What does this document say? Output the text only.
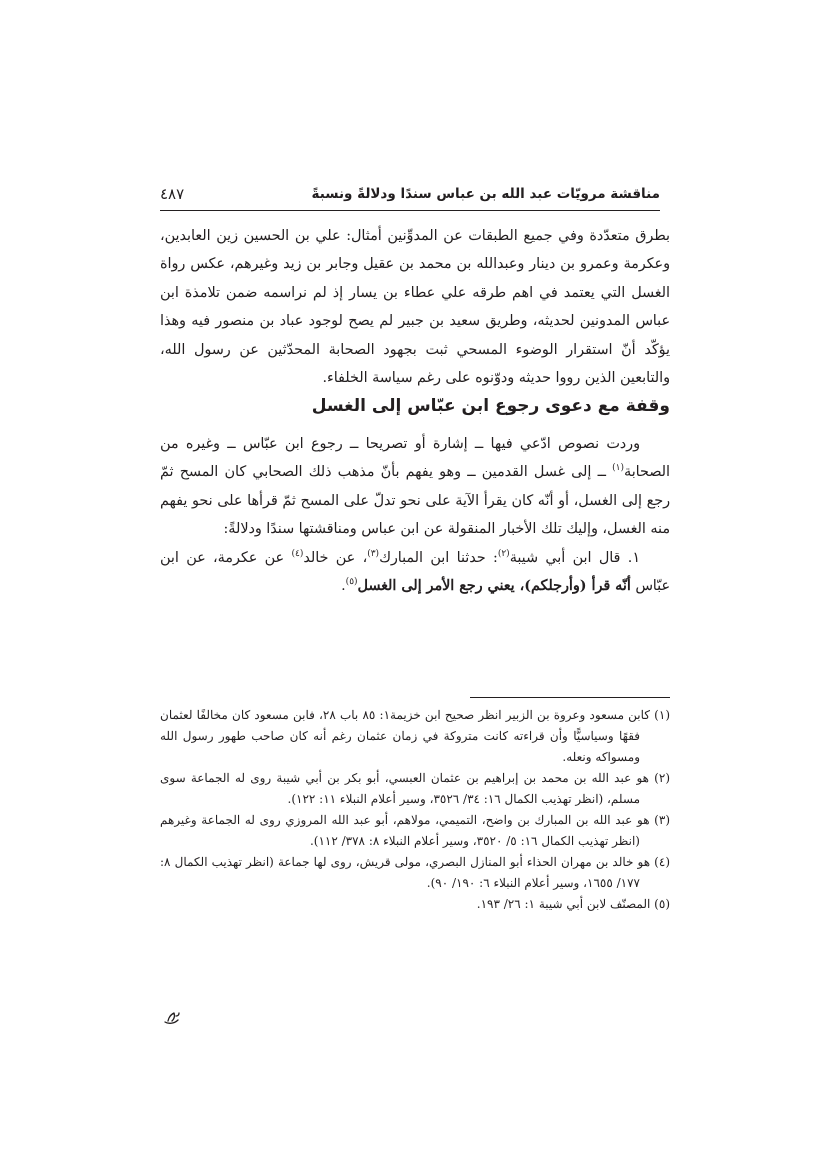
مناقشة مرويّات عبد الله بن عباس سندًا ودلالةً ونسبةً
٤٨٧

بطرق متعدّدة وفي جميع الطبقات عن المدوِّنين أمثال: علي بن الحسين زين العابدين، وعكرمة وعمرو بن دينار وعبدالله بن محمد بن عقيل وجابر بن زيد وغيرهم، عكس رواة الغسل التي يعتمد في اهم طرقه علي عطاء بن يسار إذ لم نراسمه ضمن تلامذة ابن عباس المدونين لحديثه، وطريق سعيد بن جبير لم يصح لوجود عباد بن منصور فيه وهذا يؤكّد أنّ استقرار الوضوء المسحي ثبت بجهود الصحابة المحدّثين عن رسول الله، والتابعين الذين رووا حديثه ودوّنوه على رغم سياسة الخلفاء.

وقفة مع دعوى رجوع ابن عبّاس إلى الغسل

وردت نصوص ادّعي فيها ــ إشارة أو تصريحا ــ رجوع ابن عبّاس ــ وغيره من الصحابة$^{(١)}$ ــ إلى غسل القدمين ــ وهو يفهم بأنّ مذهب ذلك الصحابي كان المسح ثمّ رجع إلى الغسل، أو أنّه كان يقرأ الآية على نحو تدلّ على المسح ثمّ قرأها على نحو يفهم منه الغسل، وإليك تلك الأخبار المنقولة عن ابن عباس ومناقشتها سندًا ودلالةً:

١. قال ابن أبي شيبة$^{(٢)}$: حدثنا ابن المبارك$^{(٣)}$، عن خالد$^{(٤)}$ عن عكرمة، عن ابن عبّاس أنّه قرأ (وأرجلكم)، يعني رجع الأمر إلى الغسل$^{(٥)}$.

(١) كابن مسعود وعروة بن الزبير انظر صحيح ابن خزيمة١: ٨٥ باب ٢٨، فابن مسعود كان مخالفًا لعثمان فقهًا وسياسيًّا وأن قراءته كانت متروكة في زمان عثمان رغم أنه كان صاحب طهور رسول الله ومسواكه ونعله.

(٢) هو عبد الله بن محمد بن إبراهيم بن عثمان العبسي، أبو بكر بن أبي شيبة روى له الجماعة سوى مسلم، (انظر تهذيب الكمال ١٦: ٣٤/ ٣٥٢٦، وسير أعلام النبلاء ١١: ١٢٢).

(٣) هو عبد الله بن المبارك بن واضح، التميمي، مولاهم، أبو عبد الله المروزي روى له الجماعة وغيرهم (انظر تهذيب الكمال ١٦: ٥/ ٣٥٢٠، وسير أعلام النبلاء ٨: ٣٧٨/ ١١٢).

(٤) هو خالد بن مهران الحذاء أبو المنازل البصري، مولى قريش، روى لها جماعة (انظر تهذيب الكمال ٨: ١٧٧/ ١٦٥٥، وسير أعلام النبلاء ٦: ١٩٠/ ٩٠).

(٥) المصنّف لابن أبي شيبة ١: ٢٦/ ١٩٣.
